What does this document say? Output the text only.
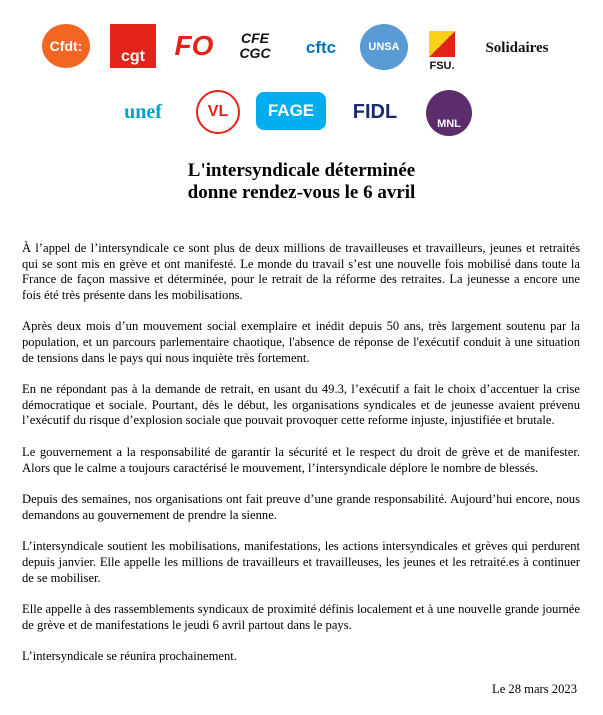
Cfdt:
cgt FO	CFE CGC cftc	UNSA
FSU.
Solidaires
unef	VL FAGE FIDL
MNL
L'intersyndicale déterminée
donne rendez-vous le 6 avril

À l’appel de l’intersyndicale ce sont plus de deux millions de travailleuses et travailleurs, jeunes et retraités qui se sont mis en grève et ont manifesté. Le monde du travail s’est une nouvelle fois mobilisé dans toute la France de façon massive et déterminée, pour le retrait de la réforme des retraites. La jeunesse a encore une fois été très présente dans les mobilisations.

Après deux mois d’un mouvement social exemplaire et inédit depuis 50 ans, très largement soutenu par la population, et un parcours parlementaire chaotique, l'absence de réponse de l'exécutif conduit à une situation de tensions dans le pays qui nous inquiète très fortement.

En ne répondant pas à la demande de retrait, en usant du 49.3, l’exécutif a fait le choix d’accentuer la crise démocratique et sociale. Pourtant, dès le début, les organisations syndicales et de jeunesse avaient prévenu l’exécutif du risque d’explosion sociale que pouvait provoquer cette reforme injuste, injustifiée et brutale.

Le gouvernement a la responsabilité de garantir la sécurité et le respect du droit de grève et de manifester. Alors que le calme a toujours caractérisé le mouvement, l’intersyndicale déplore le nombre de blessés.

Depuis des semaines, nos organisations ont fait preuve d’une grande responsabilité. Aujourd’hui encore, nous demandons au gouvernement de prendre la sienne.

L’intersyndicale soutient les mobilisations, manifestations, les actions intersyndicales et grèves qui perdurent depuis janvier. Elle appelle les millions de travailleurs et travailleuses, les jeunes et les retraité.es à continuer de se mobiliser.

Elle appelle à des rassemblements syndicaux de proximité définis localement et à une nouvelle grande journée de grève et de manifestations le jeudi 6 avril partout dans le pays.

L’intersyndicale se réunira prochainement.

Le 28 mars 2023
